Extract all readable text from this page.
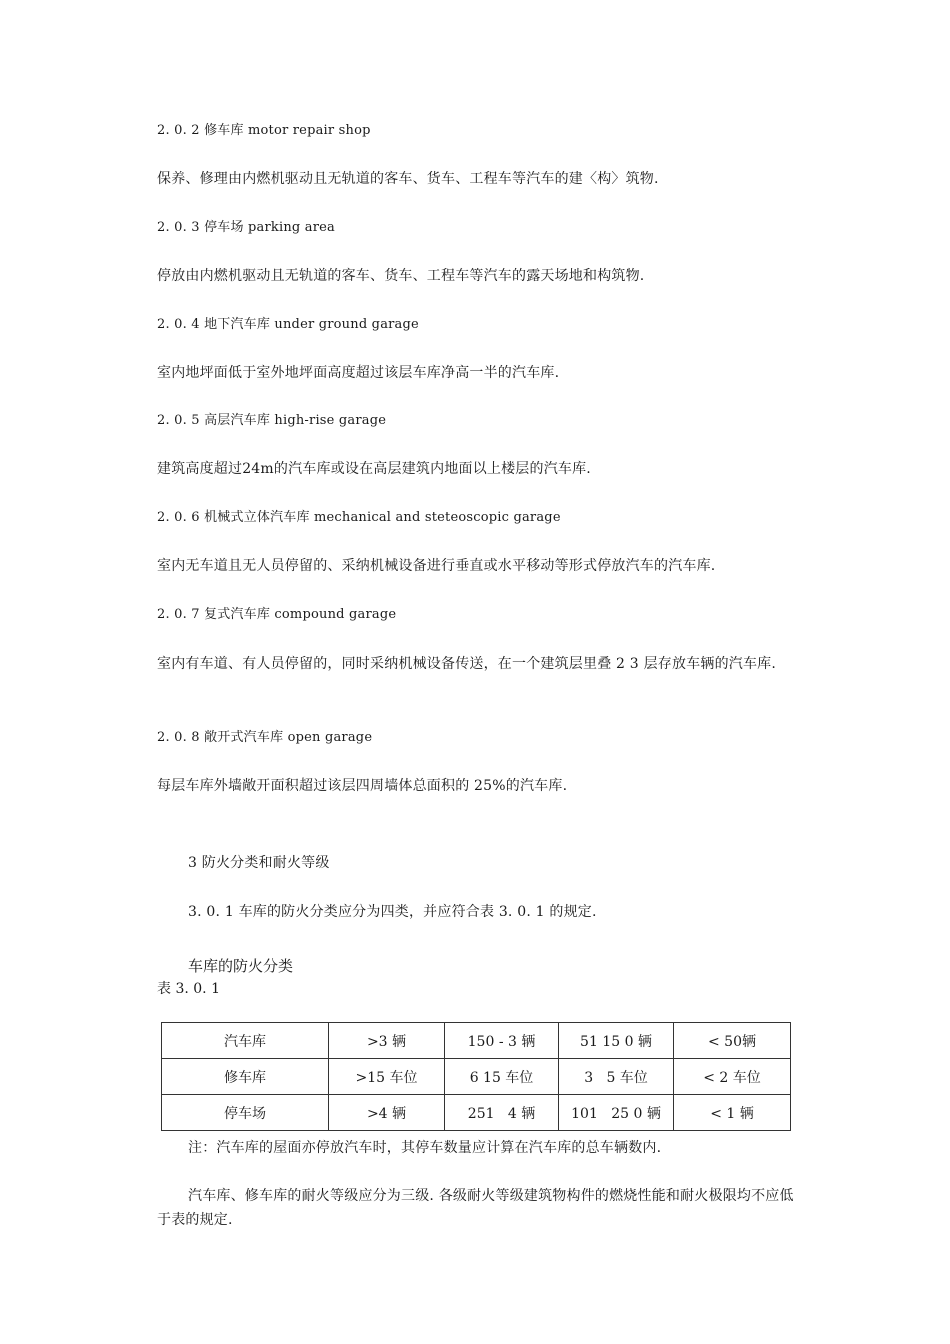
2. 0. 2 修车库 motor repair shop
保养、修理由内燃机驱动且无轨道的客车、货车、工程车等汽车的建〈构〉筑物.
2. 0. 3 停车场 parking area
停放由内燃机驱动且无轨道的客车、货车、工程车等汽车的露天场地和构筑物.
2. 0. 4 地下汽车库 under ground garage
室内地坪面低于室外地坪面高度超过该层车库净高一半的汽车库.
2. 0. 5 高层汽车库 high-rise garage
建筑高度超过24m的汽车库或设在高层建筑内地面以上楼层的汽车库.
2. 0. 6 机械式立体汽车库 mechanical and steteoscopic garage
室内无车道且无人员停留的、采纳机械设备进行垂直或水平移动等形式停放汽车的汽车库.
2. 0. 7 复式汽车库 compound garage
室内有车道、有人员停留的，同时采纳机械设备传送，在一个建筑层里叠 2 3 层存放车辆的汽车库.
2. 0. 8 敞开式汽车库 open garage
每层车库外墙敞开面积超过该层四周墙体总面积的 25%的汽车库.
3 防火分类和耐火等级
3. 0. 1 车库的防火分类应分为四类，并应符合表 3. 0. 1 的规定.
车库的防火分类
表 3. 0. 1
汽车库	>3 辆	150 - 3 辆	51 15 0 辆	< 50辆
修车库	>15 车位	6 15 车位	3   5 车位	< 2 车位
停车场	>4 辆	251   4 辆	101   25 0 辆	< 1 辆
注：汽车库的屋面亦停放汽车时，其停车数量应计算在汽车库的总车辆数内.
汽车库、修车库的耐火等级应分为三级. 各级耐火等级建筑物构件的燃烧性能和耐火极限均不应低于表的规定.
